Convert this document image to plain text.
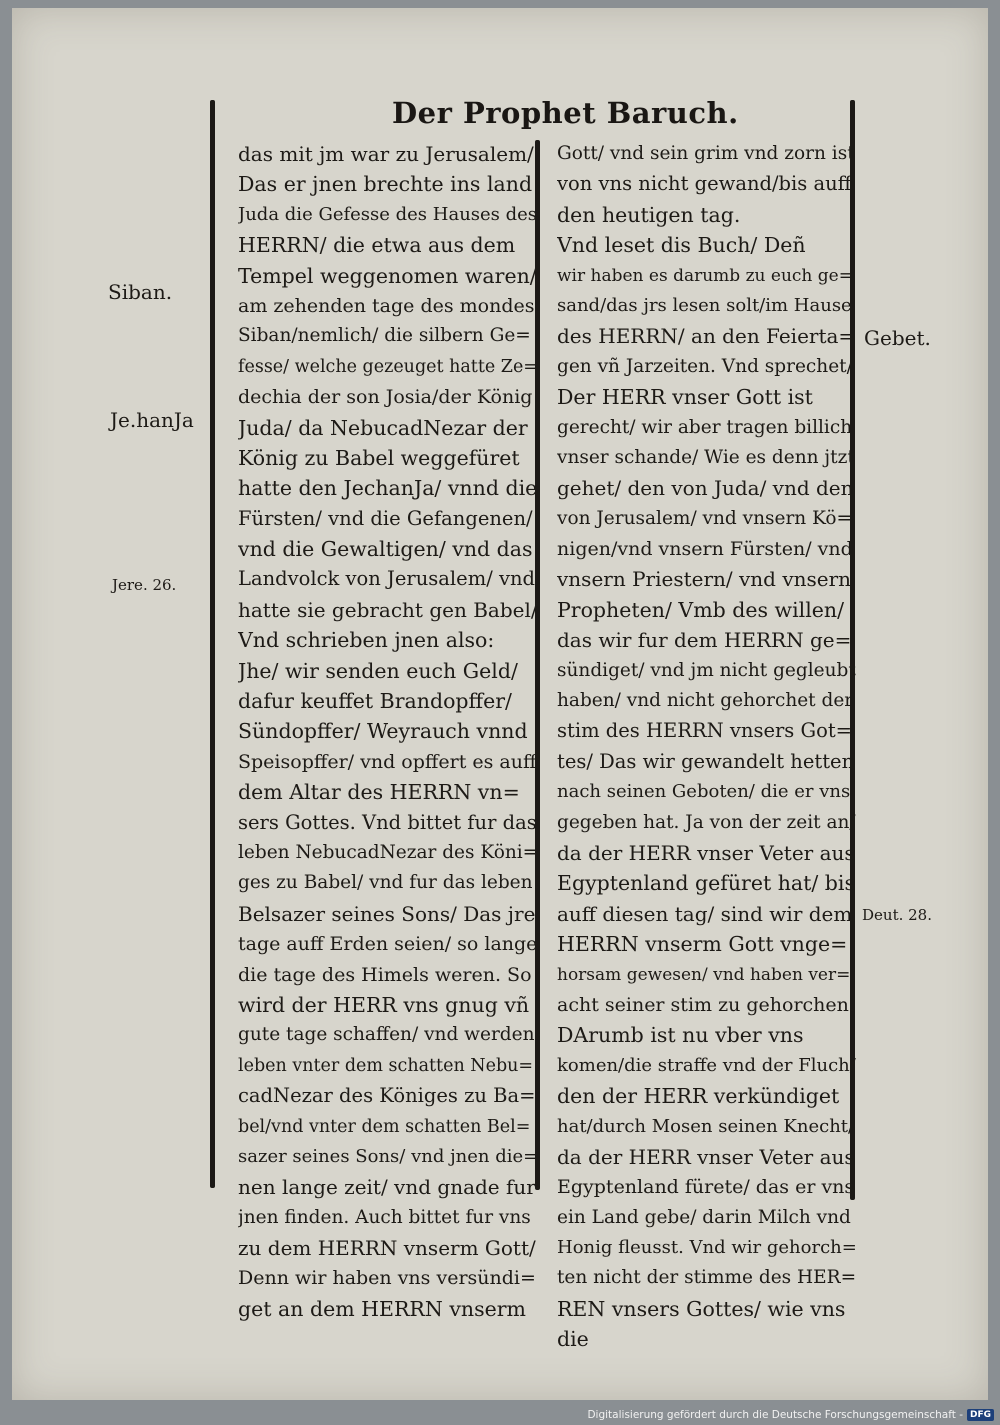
Der Prophet Baruch.
das mit jm war zu Jerusalem/
Das er jnen brechte ins land
Juda die Gefesse des Hauses des
HERRN/ die etwa aus dem
Tempel weggenomen waren/
am zehenden tage des mondes
Siban/nemlich/ die silbern Ge=
fesse/ welche gezeuget hatte Ze=
dechia der son Josia/der König
Juda/ da NebucadNezar der
König zu Babel weggefüret
hatte den JechanJa/ vnnd die
Fürsten/ vnd die Gefangenen/
vnd die Gewaltigen/ vnd das
Landvolck von Jerusalem/ vnd
hatte sie gebracht gen Babel/
Vnd schrieben jnen also:
Jhe/ wir senden euch Geld/
dafur keuffet Brandopffer/
Sündopffer/ Weyrauch vnnd
Speisopffer/ vnd opffert es auff
dem Altar des HERRN vn=
sers Gottes. Vnd bittet fur das
leben NebucadNezar des Köni=
ges zu Babel/ vnd fur das leben
Belsazer seines Sons/ Das jre
tage auff Erden seien/ so lange
die tage des Himels weren. So
wird der HERR vns gnug vñ
gute tage schaffen/ vnd werden
leben vnter dem schatten Nebu=
cadNezar des Königes zu Ba=
bel/vnd vnter dem schatten Bel=
sazer seines Sons/ vnd jnen die=
nen lange zeit/ vnd gnade fur
jnen finden. Auch bittet fur vns
zu dem HERRN vnserm Gott/
Denn wir haben vns versündi=
get an dem HERRN vnserm
Gott/ vnd sein grim vnd zorn ist
von vns nicht gewand/bis auff
den heutigen tag.
Vnd leset dis Buch/ Deñ
wir haben es darumb zu euch ge=
sand/das jrs lesen solt/im Hause
des HERRN/ an den Feierta=
gen vñ Jarzeiten. Vnd sprechet/
Der HERR vnser Gott ist
gerecht/ wir aber tragen billich
vnser schande/ Wie es denn jtzt
gehet/ den von Juda/ vnd den
von Jerusalem/ vnd vnsern Kö=
nigen/vnd vnsern Fürsten/ vnd
vnsern Priestern/ vnd vnsern
Propheten/ Vmb des willen/
das wir fur dem HERRN ge=
sündiget/ vnd jm nicht gegleubt
haben/ vnd nicht gehorchet der
stim des HERRN vnsers Got=
tes/ Das wir gewandelt hetten
nach seinen Geboten/ die er vns
gegeben hat. Ja von der zeit an/
da der HERR vnser Veter aus
Egyptenland gefüret hat/ bis
auff diesen tag/ sind wir dem
HERRN vnserm Gott vnge=
horsam gewesen/ vnd haben ver=
acht seiner stim zu gehorchen.
DArumb ist nu vber vns
komen/die straffe vnd der Fluch/
den der HERR verkündiget
hat/durch Mosen seinen Knecht/
da der HERR vnser Veter aus
Egyptenland fürete/ das er vns
ein Land gebe/ darin Milch vnd
Honig fleusst. Vnd wir gehorch=
ten nicht der stimme des HER=
REN vnsers Gottes/ wie vns
die
Siban.
Je.hanJa
Jere. 26.
Gebet.
Deut. 28.
Digitalisierung gefördert durch die Deutsche Forschungsgemeinschaft - DFG
